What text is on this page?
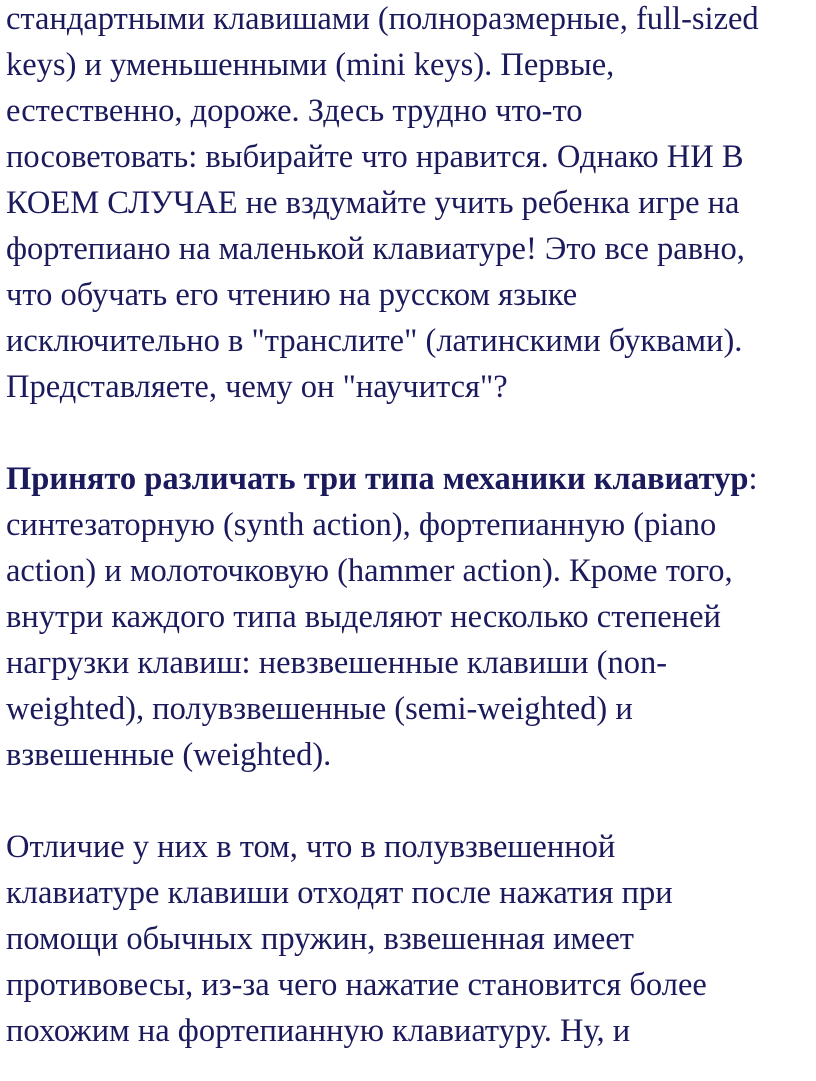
стандартными клавишами (полноразмерные, full-sized

keys) и уменьшенными (mini keys). Первые,

естественно, дороже. Здесь трудно что-то

посоветовать: выбирайте что нравится. Однако НИ В

КОЕМ СЛУЧАЕ не вздумайте учить ребенка игре на

фортепиано на маленькой клавиатуре! Это все равно,

что обучать его чтению на русском языке

исключительно в "транслите" (латинскими буквами).

Представляете, чему он "научится"?

Принято различать три типа механики клавиатур:

синтезаторную (synth action), фортепианную (piano

action) и молоточковую (hammer action). Кроме того,

внутри каждого типа выделяют несколько степеней

нагрузки клавиш: невзвешенные клавиши (non-

weighted), полувзвешенные (semi-weighted) и

взвешенные (weighted).

Отличие у них в том, что в полувзвешенной

клавиатуре клавиши отходят после нажатия при

помощи обычных пружин, взвешенная имеет

противовесы, из-за чего нажатие становится более

похожим на фортепианную клавиатуру. Ну, и
